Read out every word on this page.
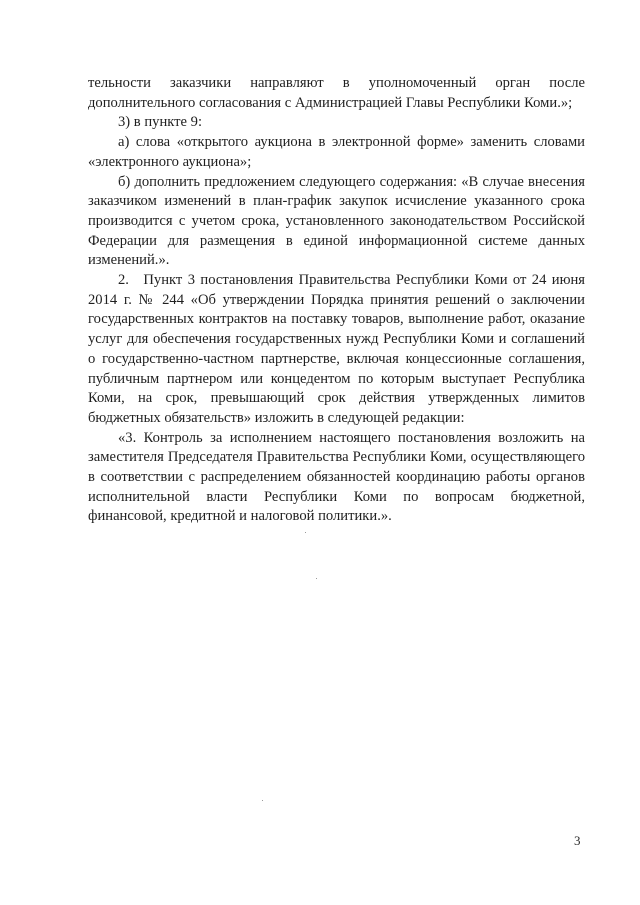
тельности заказчики направляют в уполномоченный орган после дополнительного согласования с Администрацией Главы Республики Коми.»;

3) в пункте 9:

а) слова «открытого аукциона в электронной форме» заменить словами «электронного аукциона»;

б) дополнить предложением следующего содержания: «В случае внесения заказчиком изменений в план-график закупок исчисление указанного срока производится с учетом срока, установленного законодательством Российской Федерации для размещения в единой информационной системе данных изменений.».

2. Пункт 3 постановления Правительства Республики Коми от 24 июня 2014 г. № 244 «Об утверждении Порядка принятия решений о заключении государственных контрактов на поставку товаров, выполнение работ, оказание услуг для обеспечения государственных нужд Республики Коми и соглашений о государственно-частном партнерстве, включая концессионные соглашения, публичным партнером или концедентом по которым выступает Республика Коми, на срок, превышающий срок действия утвержденных лимитов бюджетных обязательств» изложить в следующей редакции:

«3. Контроль за исполнением настоящего постановления возложить на заместителя Председателя Правительства Республики Коми, осуществляющего в соответствии с распределением обязанностей координацию работы органов исполнительной власти Республики Коми по вопросам бюджетной, финансовой, кредитной и налоговой политики.».

3
